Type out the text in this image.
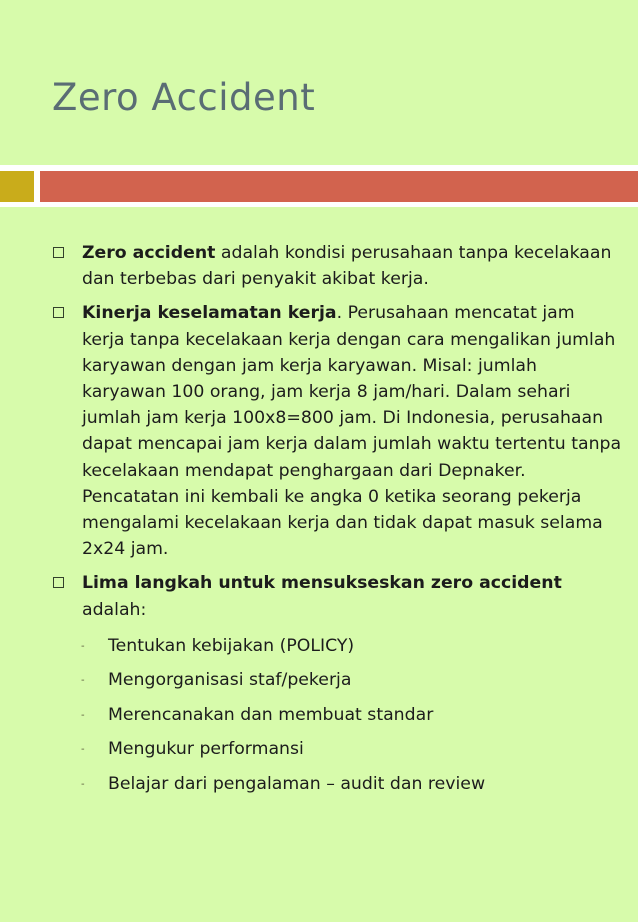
Zero Accident
Zero accident adalah kondisi perusahaan tanpa kecelakaan dan terbebas dari penyakit akibat kerja.
Kinerja keselamatan kerja. Perusahaan mencatat jam kerja tanpa kecelakaan kerja dengan cara mengalikan jumlah karyawan dengan jam kerja karyawan. Misal: jumlah karyawan 100 orang, jam kerja 8 jam/hari. Dalam sehari jumlah jam kerja 100x8=800 jam. Di Indonesia, perusahaan dapat mencapai jam kerja dalam jumlah waktu tertentu tanpa kecelakaan mendapat penghargaan dari Depnaker. Pencatatan ini kembali ke angka 0 ketika seorang pekerja mengalami kecelakaan kerja dan tidak dapat masuk selama 2x24 jam.
Lima langkah untuk mensukseskan zero accident adalah:
- Tentukan kebijakan (POLICY)
- Mengorganisasi staf/pekerja
- Merencanakan dan membuat standar
- Mengukur performansi
- Belajar dari pengalaman – audit dan review
